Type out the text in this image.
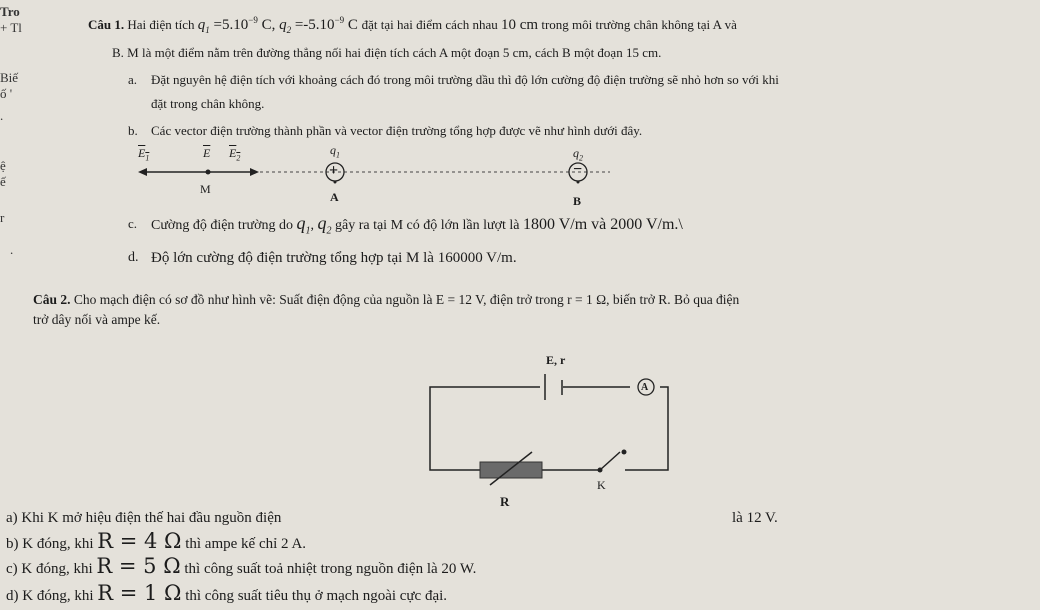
Tro
+ Tl
Biế
ố '
.
ệ
ế
r
.
Câu 1. Hai điện tích $q_1 =5.10^{-9}$ C, $q_2 =-5.10^{-9}$ C đặt tại hai điểm cách nhau 10 cm trong môi trường chân không tại A và
B. M là một điểm nằm trên đường thẳng nối hai điện tích cách A một đoạn 5 cm, cách B một đoạn 15 cm.
a. Đặt nguyên hệ điện tích với khoảng cách đó trong môi trường dầu thì độ lớn cường độ điện trường sẽ nhỏ hơn so với khi
đặt trong chân không.
b. Các vector điện trường thành phần và vector điện trường tổng hợp được vẽ như hình dưới đây.
$E_1$	$\overline{E}$ $E_2$
$q_1$	$q_2$
+	−
M
A	B
c. Cường độ điện trường do $q_1$, $q_2$ gây ra tại M có độ lớn lần lượt là 1800 V/m và 2000 V/m.\
d. Độ lớn cường độ điện trường tổng hợp tại M là 160000 V/m.
Câu 2. Cho mạch điện có sơ đồ như hình vẽ: Suất điện động của nguồn là E = 12 V, điện trở trong r = 1 Ω, biến trở R. Bỏ qua điện
trở dây nối và ampe kế.
E, r
A
K
R
a) Khi K mở hiệu điện thế hai đầu nguồn điện	là 12 V.
b) K đóng, khi R = 4 Ω thì ampe kế chỉ 2 A.
c) K đóng, khi R = 5 Ω thì công suất toả nhiệt trong nguồn điện là 20 W.
d) K đóng, khi R = 1 Ω thì công suất tiêu thụ ở mạch ngoài cực đại.
